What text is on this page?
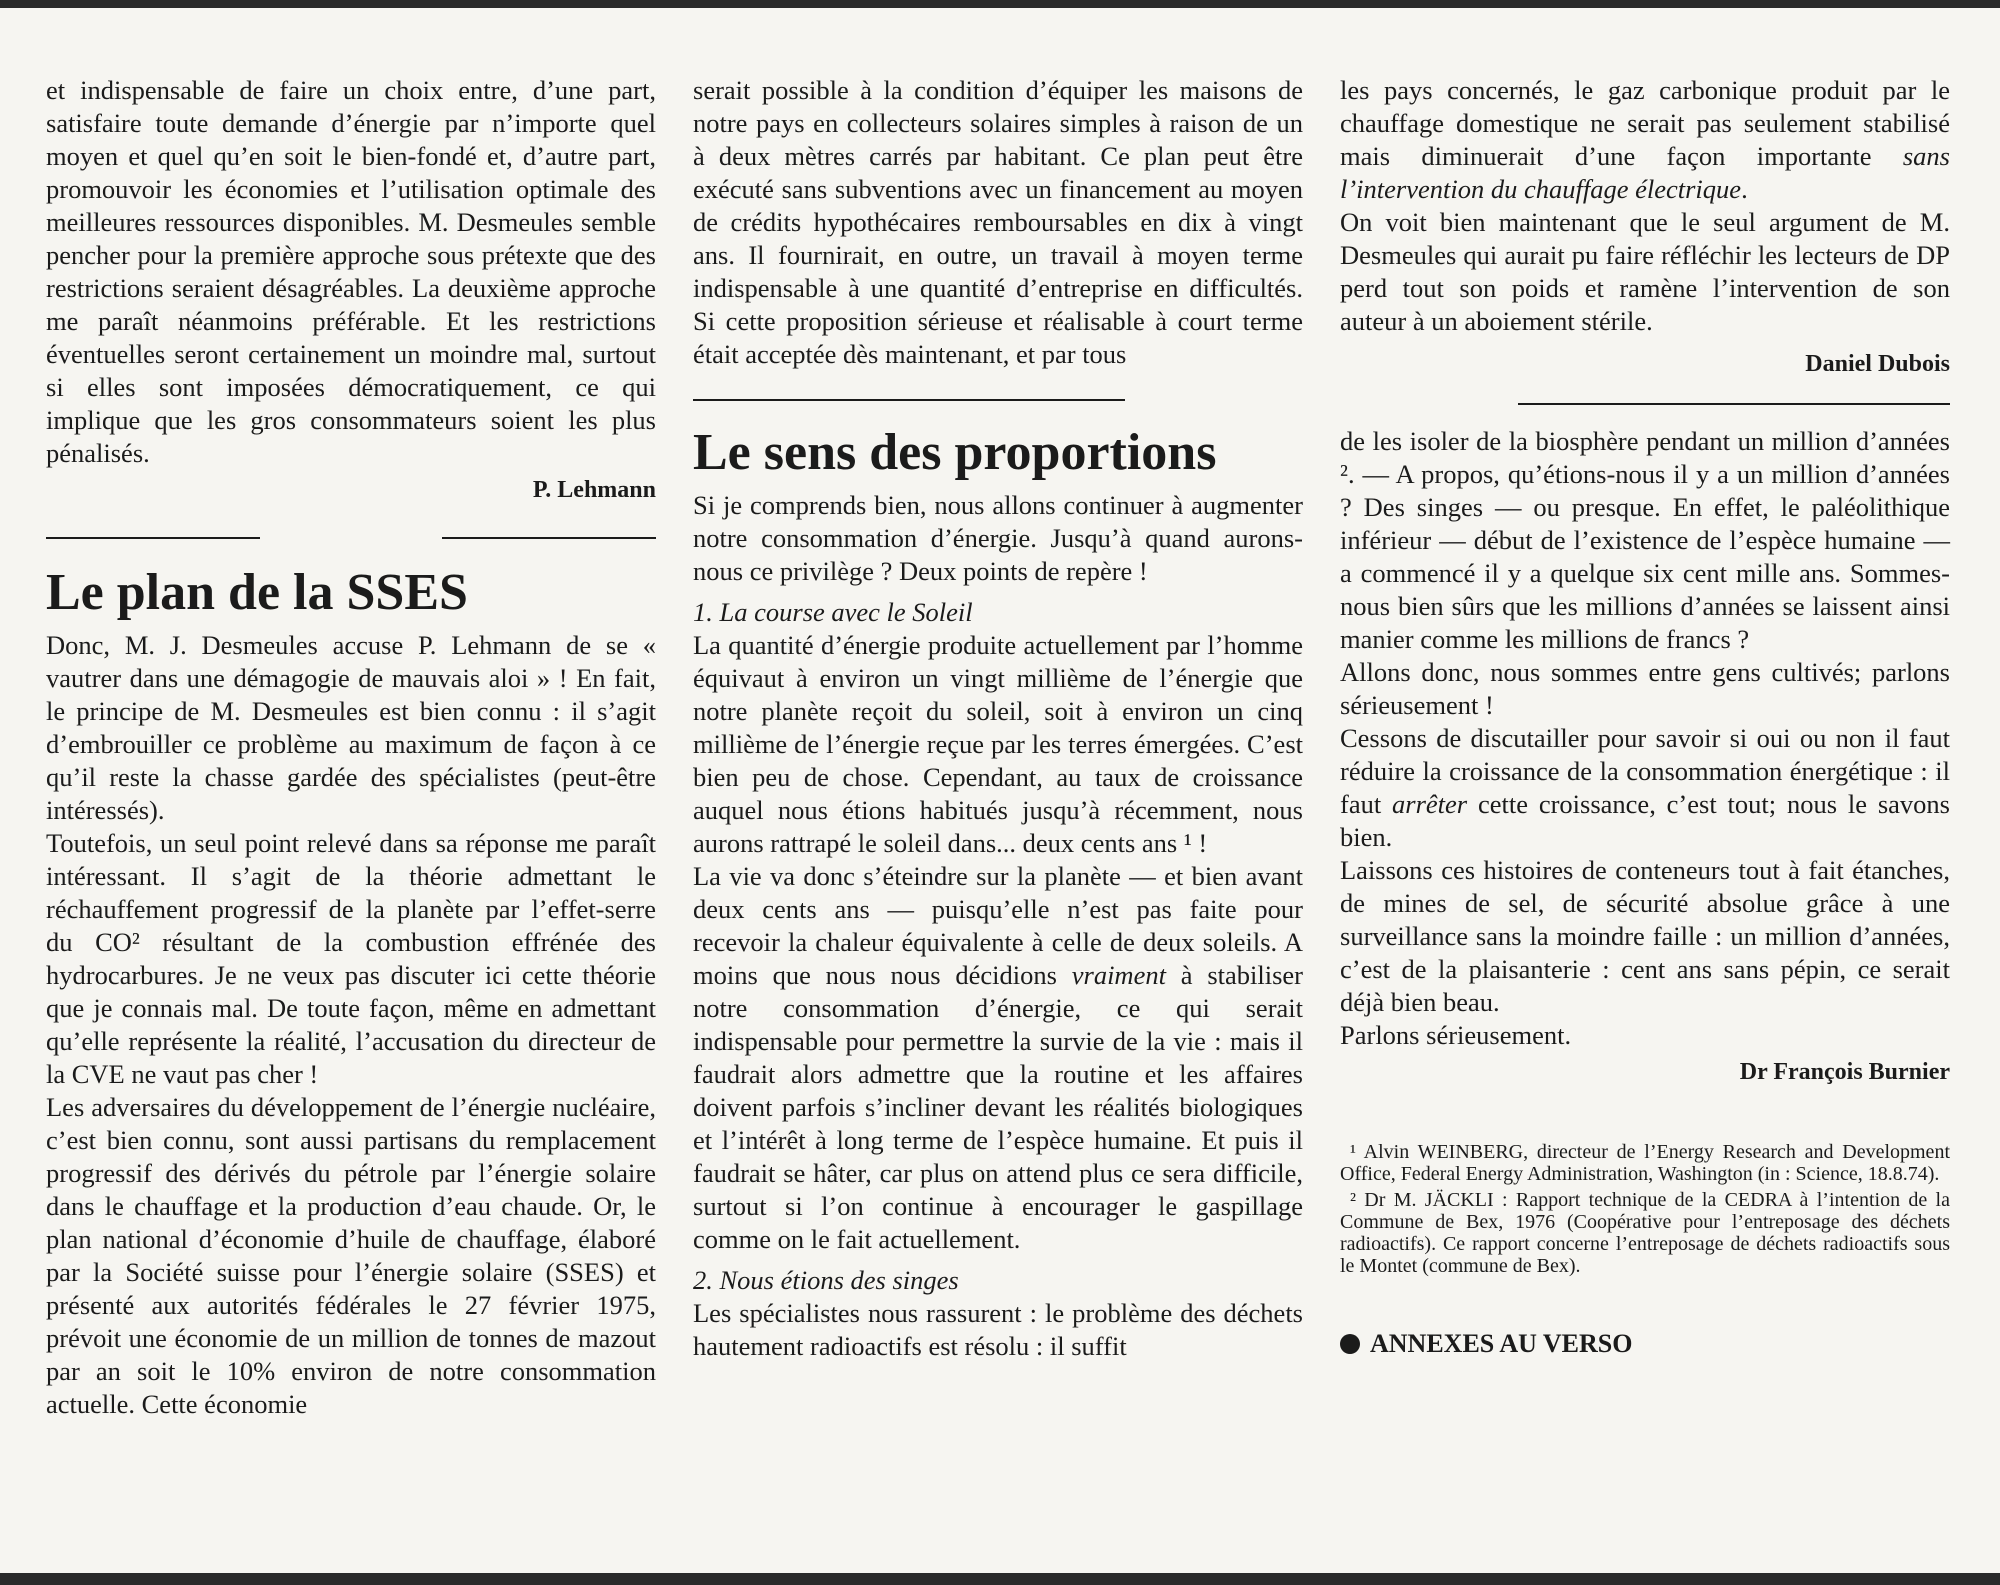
et indispensable de faire un choix entre, d’une part, satisfaire toute demande d’énergie par n’importe quel moyen et quel qu’en soit le bien-fondé et, d’autre part, promouvoir les économies et l’utilisation optimale des meilleures ressources disponibles. M. Desmeules semble pencher pour la première approche sous prétexte que des restrictions seraient désagréables. La deuxième approche me paraît néanmoins préférable. Et les restrictions éventuelles seront certainement un moindre mal, surtout si elles sont imposées démocratiquement, ce qui implique que les gros consommateurs soient les plus pénalisés.

P. Lehmann
Le plan de la SSES

Donc, M. J. Desmeules accuse P. Lehmann de se « vautrer dans une démagogie de mauvais aloi » ! En fait, le principe de M. Desmeules est bien connu : il s’agit d’embrouiller ce problème au maximum de façon à ce qu’il reste la chasse gardée des spécialistes (peut-être intéressés).

Toutefois, un seul point relevé dans sa réponse me paraît intéressant. Il s’agit de la théorie admettant le réchauffement progressif de la planète par l’effet-serre du CO² résultant de la combustion effrénée des hydrocarbures. Je ne veux pas discuter ici cette théorie que je connais mal. De toute façon, même en admettant qu’elle représente la réalité, l’accusation du directeur de la CVE ne vaut pas cher !

Les adversaires du développement de l’énergie nucléaire, c’est bien connu, sont aussi partisans du remplacement progressif des dérivés du pétrole par l’énergie solaire dans le chauffage et la production d’eau chaude. Or, le plan national d’économie d’huile de chauffage, élaboré par la Société suisse pour l’énergie solaire (SSES) et présenté aux autorités fédérales le 27 février 1975, prévoit une économie de un million de tonnes de mazout par an soit le 10% environ de notre consommation actuelle. Cette économie

serait possible à la condition d’équiper les maisons de notre pays en collecteurs solaires simples à raison de un à deux mètres carrés par habitant. Ce plan peut être exécuté sans subventions avec un financement au moyen de crédits hypothécaires remboursables en dix à vingt ans. Il fournirait, en outre, un travail à moyen terme indispensable à une quantité d’entreprise en difficultés. Si cette proposition sérieuse et réalisable à court terme était acceptée dès maintenant, et par tous

Le sens des proportions

Si je comprends bien, nous allons continuer à augmenter notre consommation d’énergie. Jusqu’à quand aurons-nous ce privilège ? Deux points de repère !

1. La course avec le Soleil

La quantité d’énergie produite actuellement par l’homme équivaut à environ un vingt millième de l’énergie que notre planète reçoit du soleil, soit à environ un cinq millième de l’énergie reçue par les terres émergées. C’est bien peu de chose. Cependant, au taux de croissance auquel nous étions habitués jusqu’à récemment, nous aurons rattrapé le soleil dans... deux cents ans ¹ !

La vie va donc s’éteindre sur la planète — et bien avant deux cents ans — puisqu’elle n’est pas faite pour recevoir la chaleur équivalente à celle de deux soleils. A moins que nous nous décidions vraiment à stabiliser notre consommation d’énergie, ce qui serait indispensable pour permettre la survie de la vie : mais il faudrait alors admettre que la routine et les affaires doivent parfois s’incliner devant les réalités biologiques et l’intérêt à long terme de l’espèce humaine. Et puis il faudrait se hâter, car plus on attend plus ce sera difficile, surtout si l’on continue à encourager le gaspillage comme on le fait actuellement.

2. Nous étions des singes

Les spécialistes nous rassurent : le problème des déchets hautement radioactifs est résolu : il suffit

les pays concernés, le gaz carbonique produit par le chauffage domestique ne serait pas seulement stabilisé mais diminuerait d’une façon importante sans l’intervention du chauffage électrique.

On voit bien maintenant que le seul argument de M. Desmeules qui aurait pu faire réfléchir les lecteurs de DP perd tout son poids et ramène l’intervention de son auteur à un aboiement stérile.

Daniel Dubois

de les isoler de la biosphère pendant un million d’années ². — A propos, qu’étions-nous il y a un million d’années ? Des singes — ou presque. En effet, le paléolithique inférieur — début de l’existence de l’espèce humaine — a commencé il y a quelque six cent mille ans. Sommes-nous bien sûrs que les millions d’années se laissent ainsi manier comme les millions de francs ?

Allons donc, nous sommes entre gens cultivés; parlons sérieusement !

Cessons de discutailler pour savoir si oui ou non il faut réduire la croissance de la consommation énergétique : il faut arrêter cette croissance, c’est tout; nous le savons bien.

Laissons ces histoires de conteneurs tout à fait étanches, de mines de sel, de sécurité absolue grâce à une surveillance sans la moindre faille : un million d’années, c’est de la plaisanterie : cent ans sans pépin, ce serait déjà bien beau.

Parlons sérieusement.

Dr François Burnier

¹ Alvin WEINBERG, directeur de l’Energy Research and Development Office, Federal Energy Administration, Washington (in : Science, 18.8.74).

² Dr M. JÄCKLI : Rapport technique de la CEDRA à l’intention de la Commune de Bex, 1976 (Coopérative pour l’entreposage des déchets radioactifs). Ce rapport concerne l’entreposage de déchets radioactifs sous le Montet (commune de Bex).

ANNEXES AU VERSO
